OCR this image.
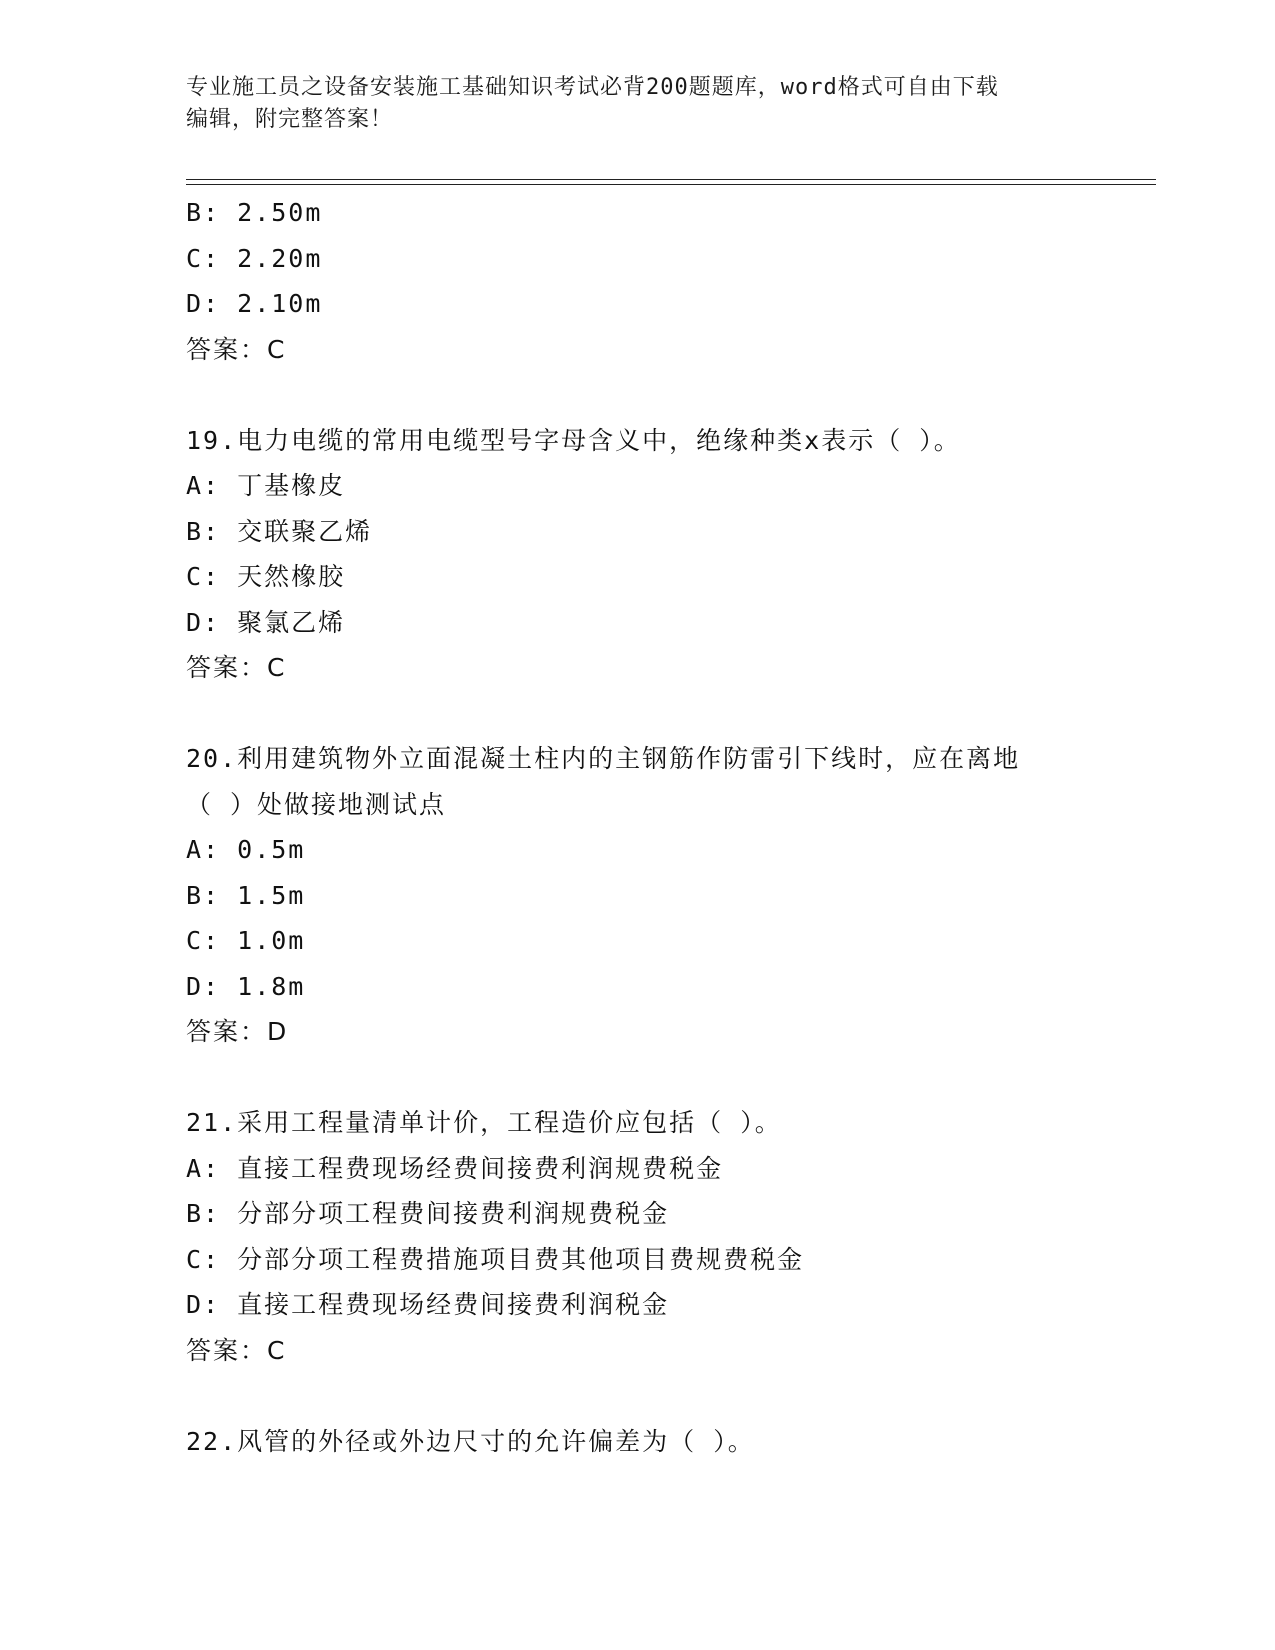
专业施工员之设备安装施工基础知识考试必背200题题库，word格式可自由下载
编辑，附完整答案！
B: 2.50m
C: 2.20m
D: 2.10m
答案：C
19.电力电缆的常用电缆型号字母含义中，绝缘种类x表示（ ）。
A: 丁基橡皮
B: 交联聚乙烯
C: 天然橡胶
D: 聚氯乙烯
答案：C
20.利用建筑物外立面混凝土柱内的主钢筋作防雷引下线时，应在离地
（ ）处做接地测试点
A: 0.5m
B: 1.5m
C: 1.0m
D: 1.8m
答案：D
21.采用工程量清单计价，工程造价应包括（ ）。
A: 直接工程费现场经费间接费利润规费税金
B: 分部分项工程费间接费利润规费税金
C: 分部分项工程费措施项目费其他项目费规费税金
D: 直接工程费现场经费间接费利润税金
答案：C
22.风管的外径或外边尺寸的允许偏差为（ ）。
